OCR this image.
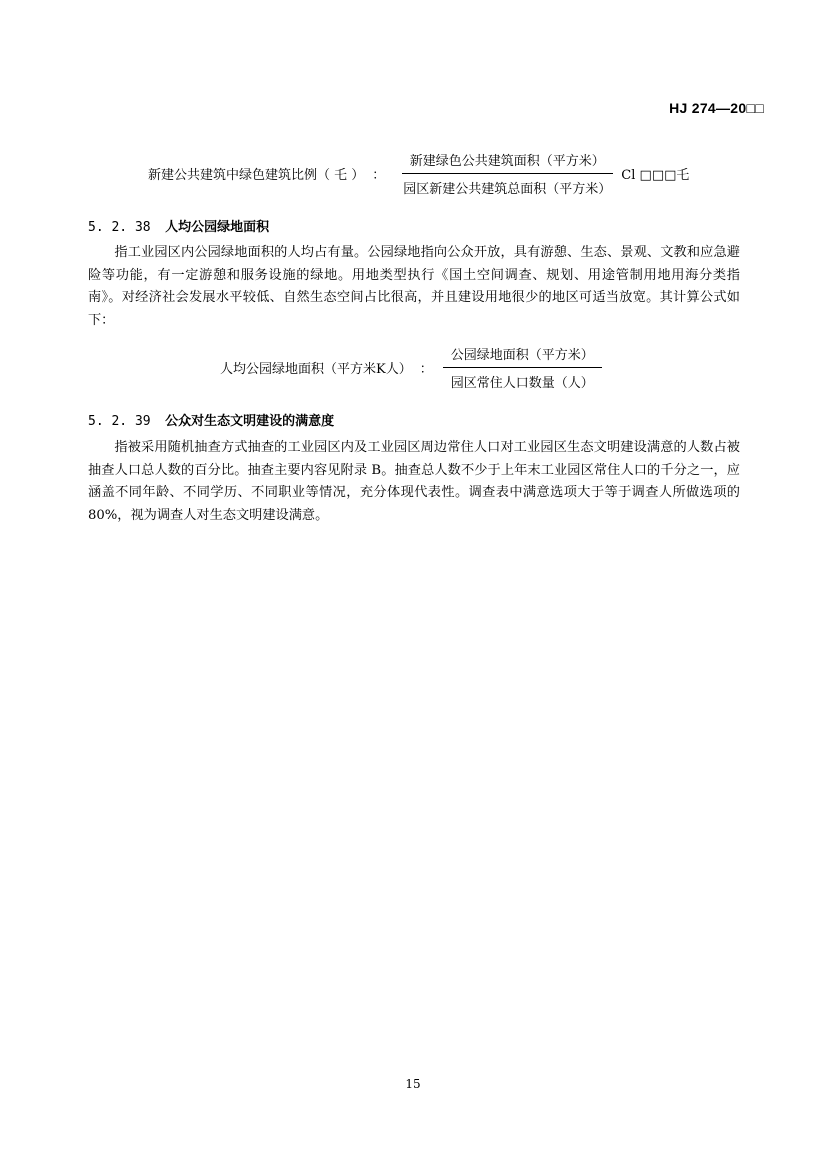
HJ 274—20□□
新建公共建筑中绿色建筑比例（ 乇 ） ： $\frac{\text{新建绿色公共建筑面积（平方米）}}{\text{园区新建公共建筑总面积（平方米）}}$ Cl □□□乇
5. 2. 38 人均公园绿地面积

指工业园区内公园绿地面积的人均占有量。公园绿地指向公众开放，具有游憩、生态、景观、文教和应急避险等功能，有一定游憩和服务设施的绿地。用地类型执行《国土空间调查、规划、用途管制用地用海分类指南》。对经济社会发展水平较低、自然生态空间占比很高，并且建设用地很少的地区可适当放宽。其计算公式如下：

人均公园绿地面积（平方米K人） ： $\frac{\text{公园绿地面积（平方米）}}{\text{园区常住人口数量（人）}}$
5. 2. 39 公众对生态文明建设的满意度

指被采用随机抽查方式抽查的工业园区内及工业园区周边常住人口对工业园区生态文明建设满意的人数占被抽查人口总人数的百分比。抽查主要内容见附录 B。抽查总人数不少于上年末工业园区常住人口的千分之一，应涵盖不同年龄、不同学历、不同职业等情况，充分体现代表性。调查表中满意选项大于等于调查人所做选项的 80%，视为调查人对生态文明建设满意。

15
